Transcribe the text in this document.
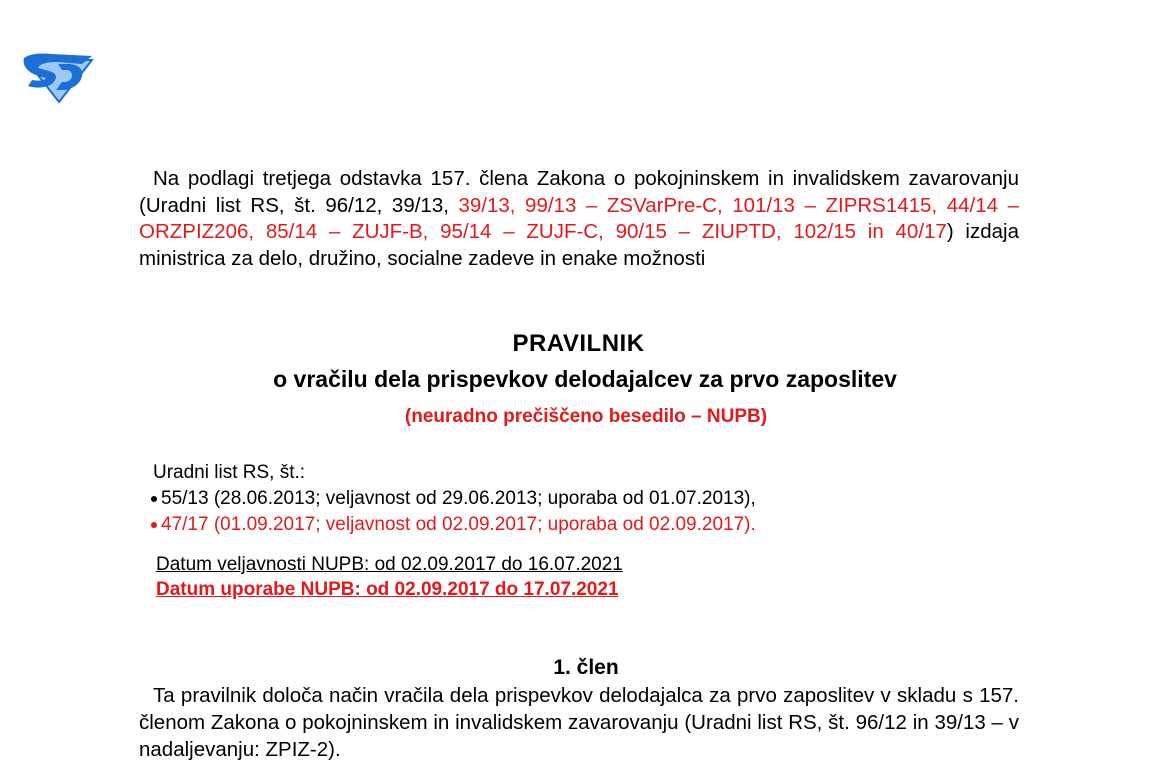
Na podlagi tretjega odstavka 157. člena Zakona o pokojninskem in invalidskem zavarovanju (Uradni list RS, št. 96/12, 39/13, 39/13, 99/13 – ZSVarPre-C, 101/13 – ZIPRS1415, 44/14 – ORZPIZ206, 85/14 – ZUJF-B, 95/14 – ZUJF-C, 90/15 – ZIUPTD, 102/15 in 40/17) izdaja ministrica za delo, družino, socialne zadeve in enake možnosti
PRAVILNIK
o vračilu dela prispevkov delodajalcev za prvo zaposlitev
(neuradno prečiščeno besedilo – NUPB)
Uradni list RS, št.:
55/13 (28.06.2013; veljavnost od 29.06.2013; uporaba od 01.07.2013),
47/17 (01.09.2017; veljavnost od 02.09.2017; uporaba od 02.09.2017).
Datum veljavnosti NUPB: od 02.09.2017 do 16.07.2021
Datum uporabe NUPB: od 02.09.2017 do 17.07.2021
1. člen
Ta pravilnik določa način vračila dela prispevkov delodajalca za prvo zaposlitev v skladu s 157. členom Zakona o pokojninskem in invalidskem zavarovanju (Uradni list RS, št. 96/12 in 39/13 – v nadaljevanju: ZPIZ-2).
